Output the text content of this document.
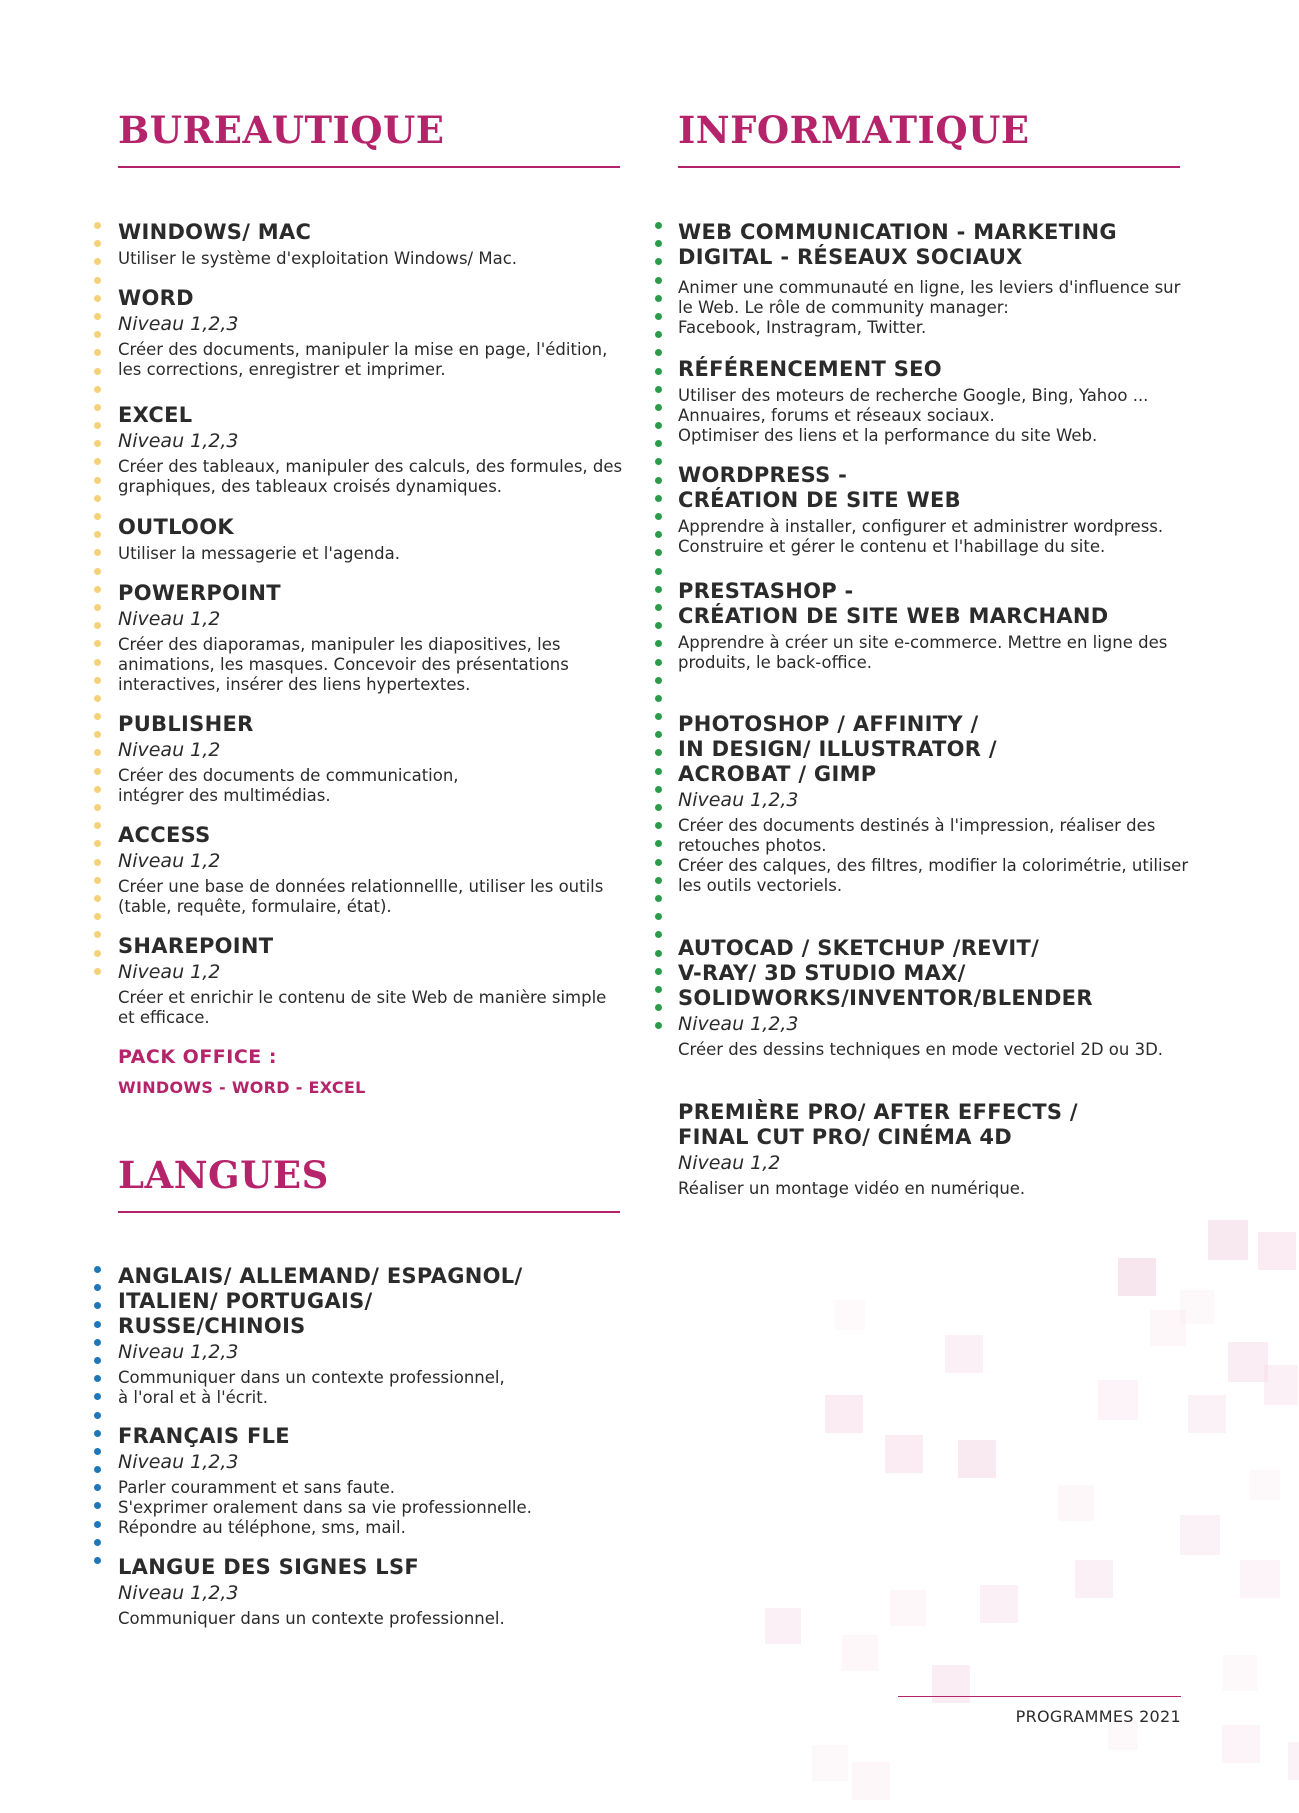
BUREAUTIQUE
WINDOWS/ MAC
Utiliser le système d'exploitation Windows/ Mac.
WORD
Niveau 1,2,3
Créer des documents, manipuler la mise en page, l'édition,
les corrections, enregistrer et imprimer.
EXCEL
Niveau 1,2,3
Créer des tableaux, manipuler des calculs, des formules, des
graphiques, des tableaux croisés dynamiques.
OUTLOOK
Utiliser la messagerie et l'agenda.
POWERPOINT
Niveau 1,2
Créer des diaporamas, manipuler les diapositives, les
animations, les masques. Concevoir des présentations
interactives, insérer des liens hypertextes.
PUBLISHER
Niveau 1,2
Créer des documents de communication,
intégrer des multimédias.
ACCESS
Niveau 1,2
Créer une base de données relationnellle, utiliser les outils
(table, requête, formulaire, état).
SHAREPOINT
Niveau 1,2
Créer et enrichir le contenu de site Web de manière simple
et efficace.
PACK OFFICE :
WINDOWS - WORD - EXCEL
LANGUES
ANGLAIS/ ALLEMAND/ ESPAGNOL/
ITALIEN/ PORTUGAIS/
RUSSE/CHINOIS
Niveau 1,2,3
Communiquer dans un contexte professionnel,
à l'oral et à l'écrit.
FRANÇAIS FLE
Niveau 1,2,3
Parler couramment et sans faute.
S'exprimer oralement dans sa vie professionnelle.
Répondre au téléphone, sms, mail.
LANGUE DES SIGNES LSF
Niveau 1,2,3
Communiquer dans un contexte professionnel.
INFORMATIQUE
WEB COMMUNICATION - MARKETING
DIGITAL - RÉSEAUX SOCIAUX
Animer une communauté en ligne, les leviers d'influence sur
le Web. Le rôle de community manager:
Facebook, Instragram, Twitter.
RÉFÉRENCEMENT SEO
Utiliser des moteurs de recherche Google, Bing, Yahoo ...
Annuaires, forums et réseaux sociaux.
Optimiser des liens et la performance du site Web.
WORDPRESS -
CRÉATION DE SITE WEB
Apprendre à installer, configurer et administrer wordpress.
Construire et gérer le contenu et l'habillage du site.
PRESTASHOP -
CRÉATION DE SITE WEB MARCHAND
Apprendre à créer un site e-commerce. Mettre en ligne des
produits, le back-office.
PHOTOSHOP / AFFINITY /
IN DESIGN/ ILLUSTRATOR /
ACROBAT / GIMP
Niveau 1,2,3
Créer des documents destinés à l'impression, réaliser des
retouches photos.
Créer des calques, des filtres, modifier la colorimétrie, utiliser
les outils vectoriels.
AUTOCAD / SKETCHUP /REVIT/
V-RAY/ 3D STUDIO MAX/
SOLIDWORKS/INVENTOR/BLENDER
Niveau 1,2,3
Créer des dessins techniques en mode vectoriel 2D ou 3D.
PREMIÈRE PRO/ AFTER EFFECTS /
FINAL CUT PRO/ CINÉMA 4D
Niveau 1,2
Réaliser un montage vidéo en numérique.
PROGRAMMES 2021
